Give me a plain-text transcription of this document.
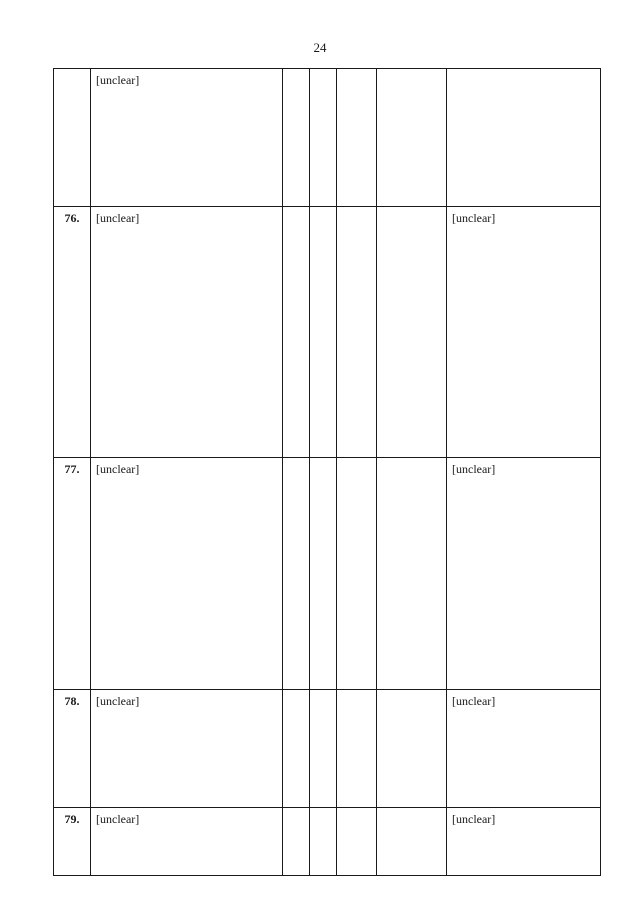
24
	[unclear]					
76.	[unclear]					[unclear]
77.	[unclear]					[unclear]
78.	[unclear]					[unclear]
79.	[unclear]					[unclear]
